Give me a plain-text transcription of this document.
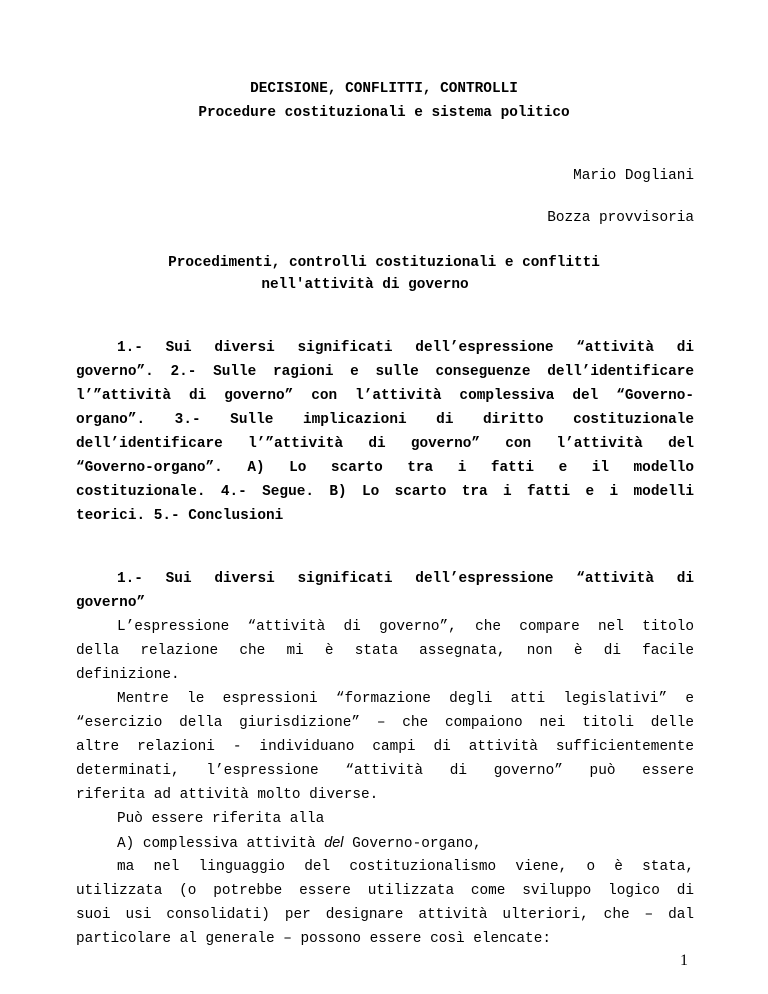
DECISIONE, CONFLITTI, CONTROLLI
Procedure costituzionali e sistema politico
Mario Dogliani
Bozza provvisoria
Procedimenti, controlli costituzionali e conflitti
nell'attività di governo
1.- Sui diversi significati dell’espressione “attività di
governo”. 2.- Sulle ragioni e sulle conseguenze dell’identificare
l’”attività di governo” con l’attività complessiva del “Governo-
organo”. 3.- Sulle implicazioni di diritto costituzionale
dell’identificare l’”attività di governo” con l’attività del
“Governo-organo”. A) Lo scarto tra i fatti e il modello
costituzionale. 4.- Segue. B) Lo scarto tra i fatti e i modelli
teorici. 5.- Conclusioni
1.- Sui diversi significati dell’espressione “attività di
governo”
L’espressione “attività di governo”, che compare nel titolo
della relazione che mi è stata assegnata, non è di facile
definizione.
Mentre le espressioni “formazione degli atti legislativi” e
“esercizio della giurisdizione” – che compaiono nei titoli delle
altre relazioni - individuano campi di attività sufficientemente
determinati, l’espressione “attività di governo” può essere
riferita ad attività molto diverse.
Può essere riferita alla
A) complessiva attività del Governo-organo,
ma nel linguaggio del costituzionalismo viene, o è stata,
utilizzata (o potrebbe essere utilizzata come sviluppo logico di
suoi usi consolidati) per designare attività ulteriori, che – dal
particolare al generale – possono essere così elencate:
1
